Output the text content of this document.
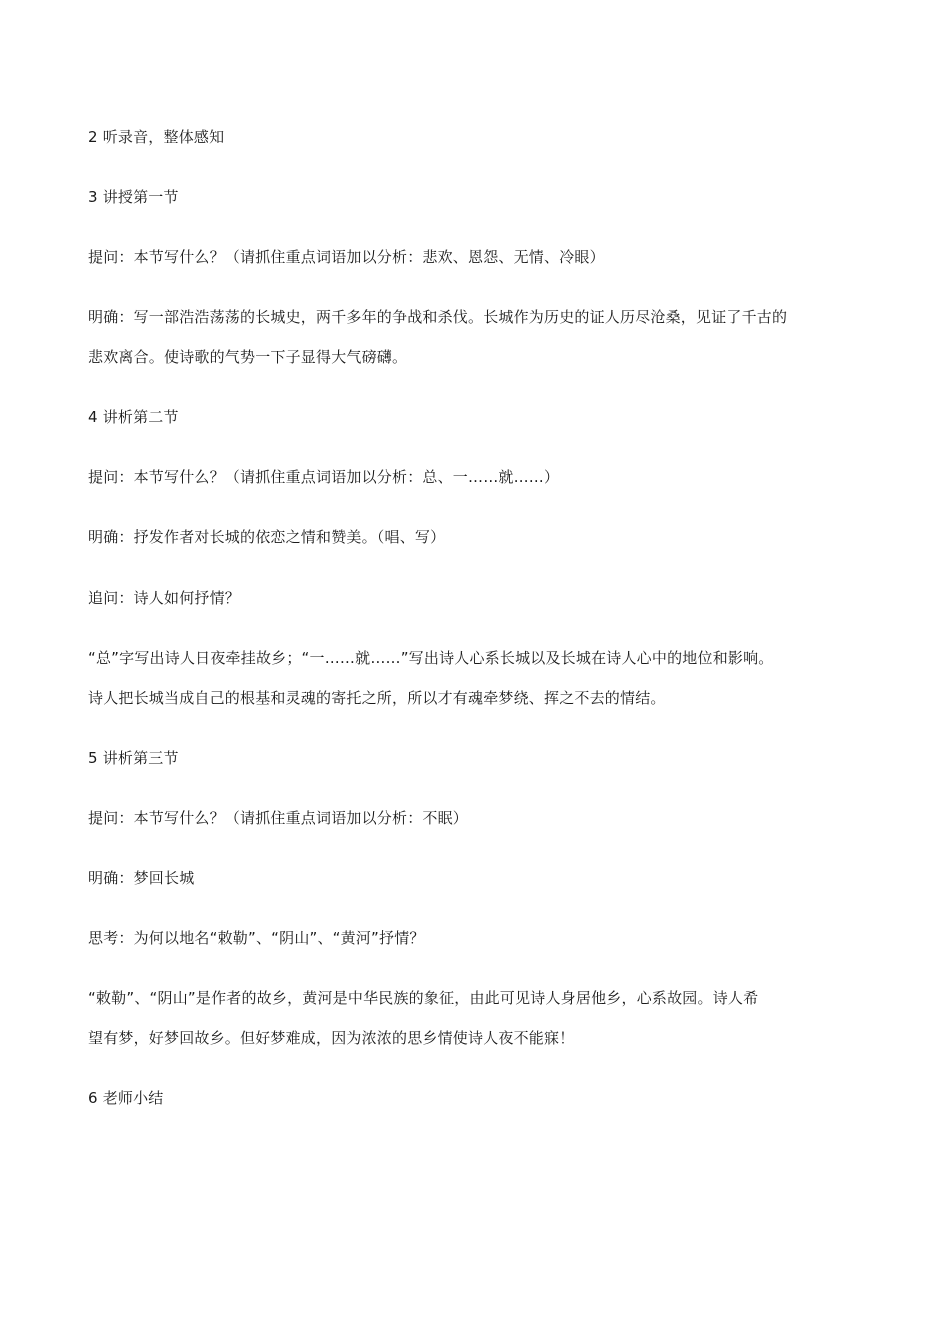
2 听录音，整体感知
3 讲授第一节
提问：本节写什么？（请抓住重点词语加以分析：悲欢、恩怨、无情、冷眼）
明确：写一部浩浩荡荡的长城史，两千多年的争战和杀伐。长城作为历史的证人历尽沧桑，见证了千古的
悲欢离合。使诗歌的气势一下子显得大气磅礴。
4 讲析第二节
提问：本节写什么？（请抓住重点词语加以分析：总、一……就……）
明确：抒发作者对长城的依恋之情和赞美。（唱、写）
追问：诗人如何抒情？
“总”字写出诗人日夜牵挂故乡；“一……就……”写出诗人心系长城以及长城在诗人心中的地位和影响。
诗人把长城当成自己的根基和灵魂的寄托之所，所以才有魂牵梦绕、挥之不去的情结。
5 讲析第三节
提问：本节写什么？（请抓住重点词语加以分析：不眠）
明确：梦回长城
思考：为何以地名“敕勒”、“阴山”、“黄河”抒情？
“敕勒”、“阴山”是作者的故乡，黄河是中华民族的象征，由此可见诗人身居他乡，心系故园。诗人希
望有梦，好梦回故乡。但好梦难成，因为浓浓的思乡情使诗人夜不能寐！
6 老师小结
